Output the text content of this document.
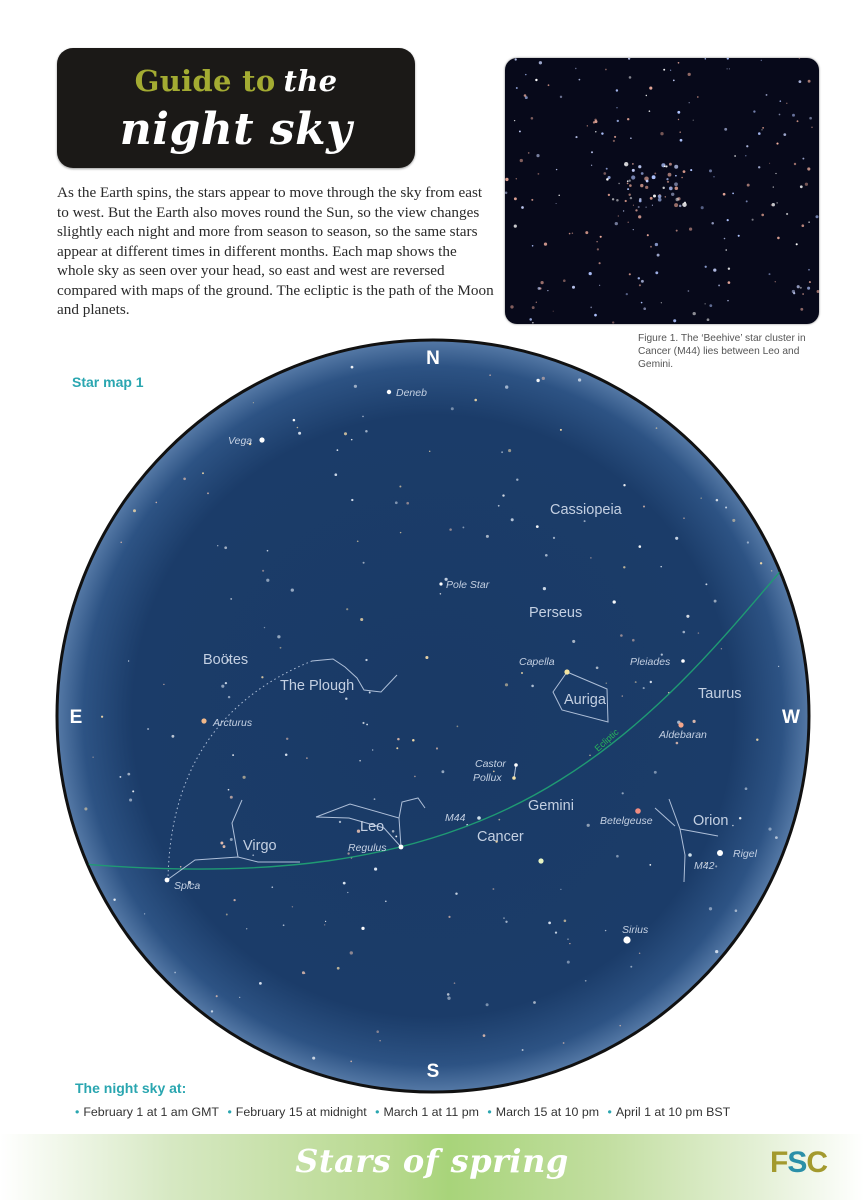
Guide to the
night sky

As the Earth spins, the stars appear to move through the sky from east to west. But the Earth also moves round the Sun, so the view changes slightly each night and more from season to season, so the same stars appear at different times in different months. Each map shows the whole sky as seen over your head, so east and west are reversed compared with maps of the ground. The ecliptic is the path of the Moon and planets.

Figure 1. The ‘Beehive’ star cluster in Cancer (M44) lies between Leo and Gemini.

Star map 1
Ecliptic
Deneb
Vega
Pole Star
Capella	Pleiades
Arcturus
Aldebaran
Castor
Pollux
M44	Betelgeuse
Rigel
M42
Regulus
Spica
Sirius
Cassiopeia
Perseus
Boötes
The Plough
Auriga	Taurus
Gemini
Orion
Leo
Virgo
Cancer
N
S
E	W
The night sky at:
• February 1 at 1 am GMT • February 15 at midnight • March 1 at 11 pm • March 15 at 10 pm • April 1 at 10 pm BST
Stars of spring	FSC
